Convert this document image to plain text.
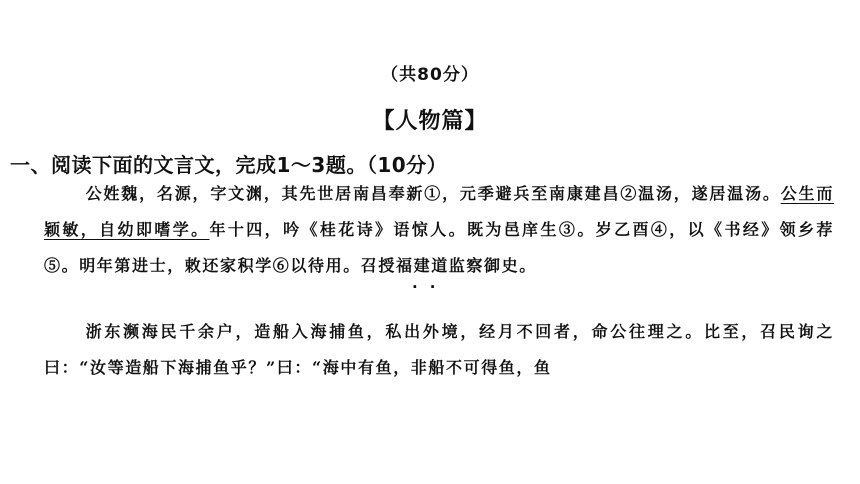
（共80分）
【人物篇】
一、阅读下面的文言文，完成1～3题。（10分）

公姓魏，名源，字文渊，其先世居南昌奉新①，元季避兵至南康建昌②温汤，遂居温汤。公生而颖敏，自幼即嗜学。年十四，吟《桂花诗》语惊人。既为邑庠生③。岁乙酉④，以《书经》领乡荐⑤。明年第进士，敕还家积学⑥以待用。召授福建道监察御史。

··

浙东濒海民千余户，造船入海捕鱼，私出外境，经月不回者，命公往理之。比至，召民询之曰：“汝等造船下海捕鱼乎？”曰：“海中有鱼，非船不可得鱼，鱼
